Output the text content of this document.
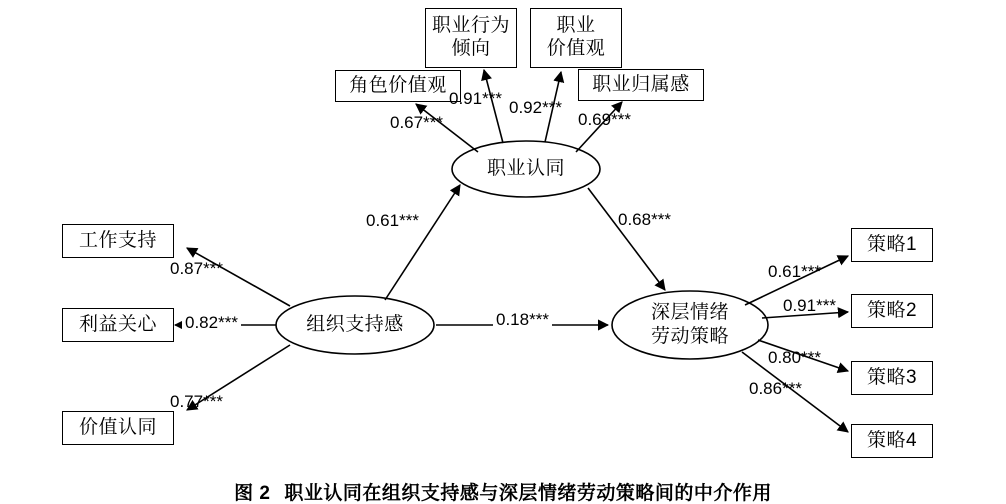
职业认同
组织支持感
深层情绪
劳动策略
角色价值观
职业行为
倾向
职业
价值观
职业归属感
工作支持
利益关心
价值认同
策略1
策略2
策略3
策略4
0.67***
0.91*** 0.92***
0.69***
0.61***	0.68***
0.18***
0.87***
0.82***
0.77***
0.61***
0.91***
0.80***
0.86***
图 2 职业认同在组织支持感与深层情绪劳动策略间的中介作用
